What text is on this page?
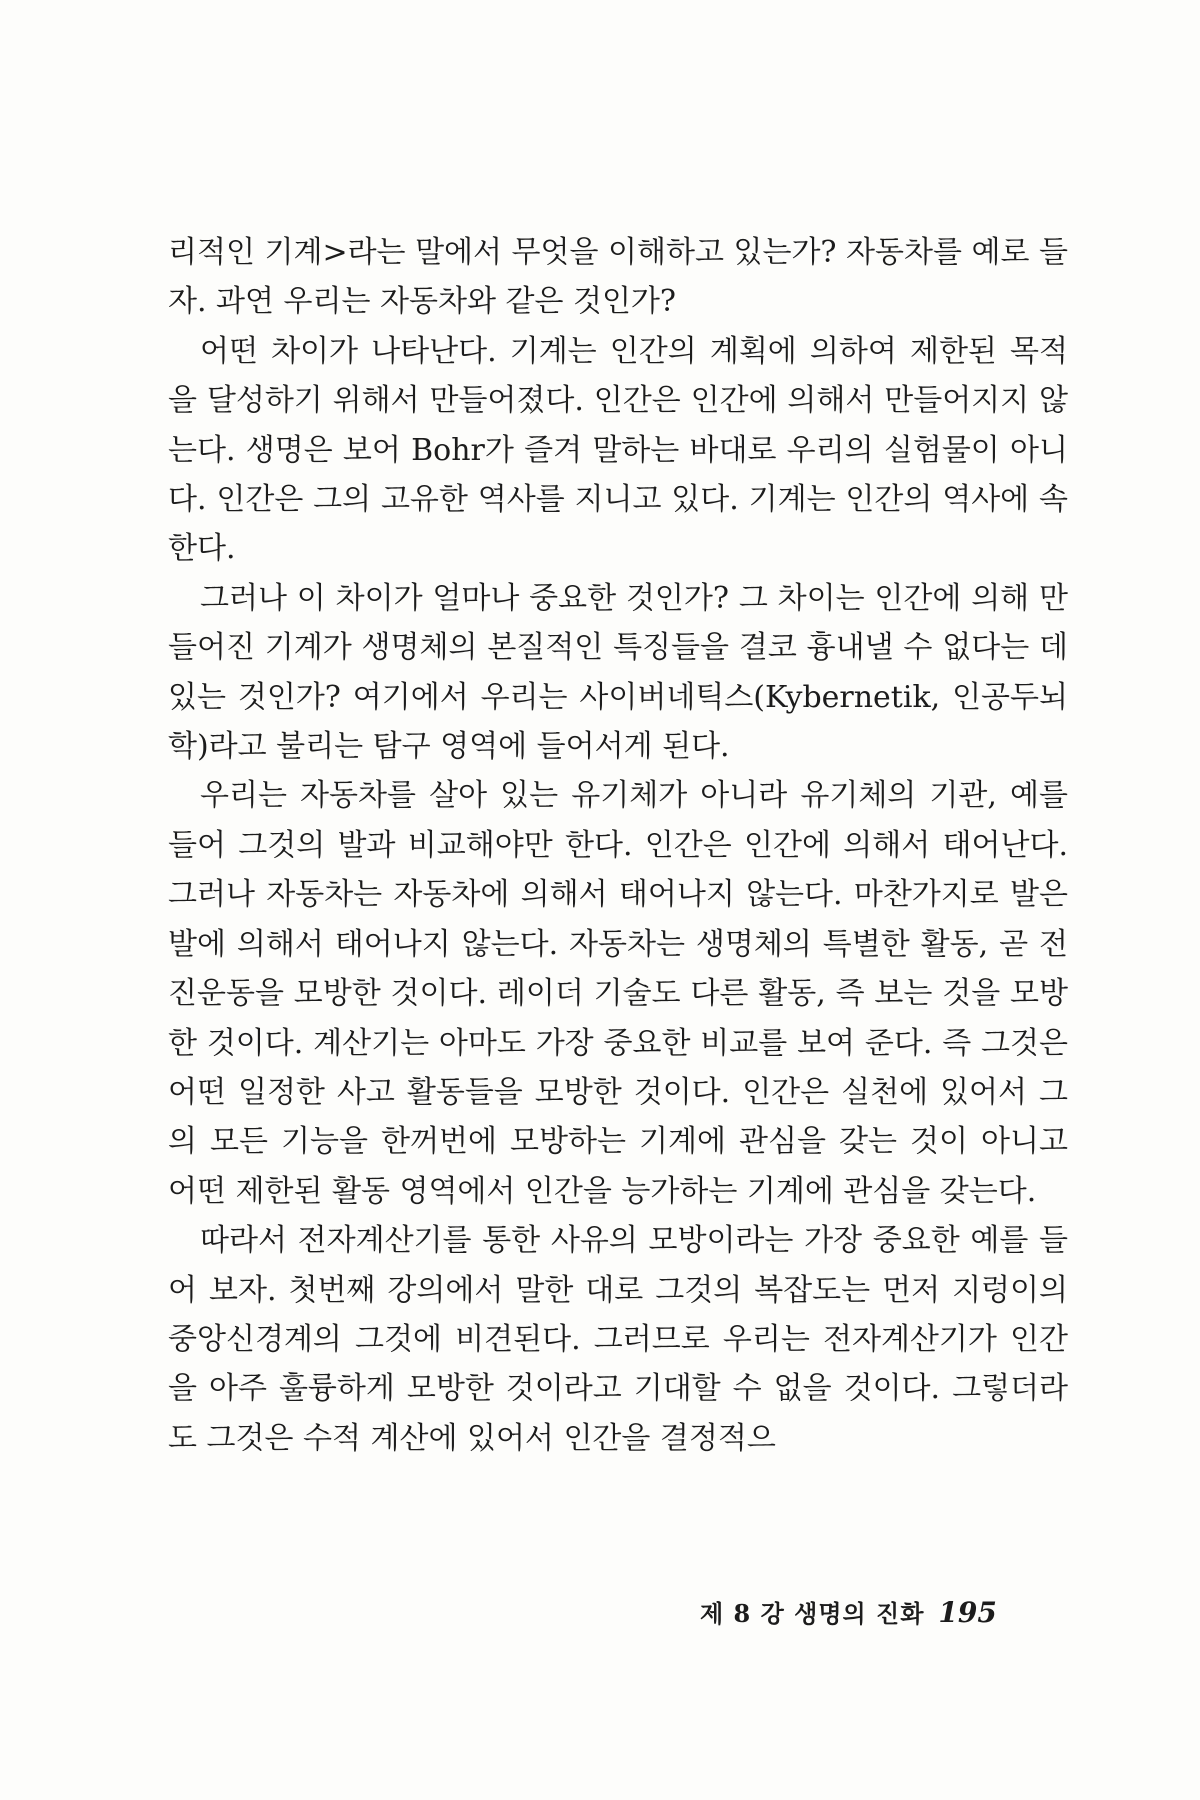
리적인 기계>라는 말에서 무엇을 이해하고 있는가? 자동차를 예로 들자. 과연 우리는 자동차와 같은 것인가?

어떤 차이가 나타난다. 기계는 인간의 계획에 의하여 제한된 목적을 달성하기 위해서 만들어졌다. 인간은 인간에 의해서 만들어지지 않는다. 생명은 보어 Bohr가 즐겨 말하는 바대로 우리의 실험물이 아니다. 인간은 그의 고유한 역사를 지니고 있다. 기계는 인간의 역사에 속한다.

그러나 이 차이가 얼마나 중요한 것인가? 그 차이는 인간에 의해 만들어진 기계가 생명체의 본질적인 특징들을 결코 흉내낼 수 없다는 데 있는 것인가? 여기에서 우리는 사이버네틱스(Kybernetik, 인공두뇌학)라고 불리는 탐구 영역에 들어서게 된다.

우리는 자동차를 살아 있는 유기체가 아니라 유기체의 기관, 예를 들어 그것의 발과 비교해야만 한다. 인간은 인간에 의해서 태어난다. 그러나 자동차는 자동차에 의해서 태어나지 않는다. 마찬가지로 발은 발에 의해서 태어나지 않는다. 자동차는 생명체의 특별한 활동, 곧 전진운동을 모방한 것이다. 레이더 기술도 다른 활동, 즉 보는 것을 모방한 것이다. 계산기는 아마도 가장 중요한 비교를 보여 준다. 즉 그것은 어떤 일정한 사고 활동들을 모방한 것이다. 인간은 실천에 있어서 그의 모든 기능을 한꺼번에 모방하는 기계에 관심을 갖는 것이 아니고 어떤 제한된 활동 영역에서 인간을 능가하는 기계에 관심을 갖는다.

따라서 전자계산기를 통한 사유의 모방이라는 가장 중요한 예를 들어 보자. 첫번째 강의에서 말한 대로 그것의 복잡도는 먼저 지렁이의 중앙신경계의 그것에 비견된다. 그러므로 우리는 전자계산기가 인간을 아주 훌륭하게 모방한 것이라고 기대할 수 없을 것이다. 그렇더라도 그것은 수적 계산에 있어서 인간을 결정적으

제 8 강 생명의 진화 195
